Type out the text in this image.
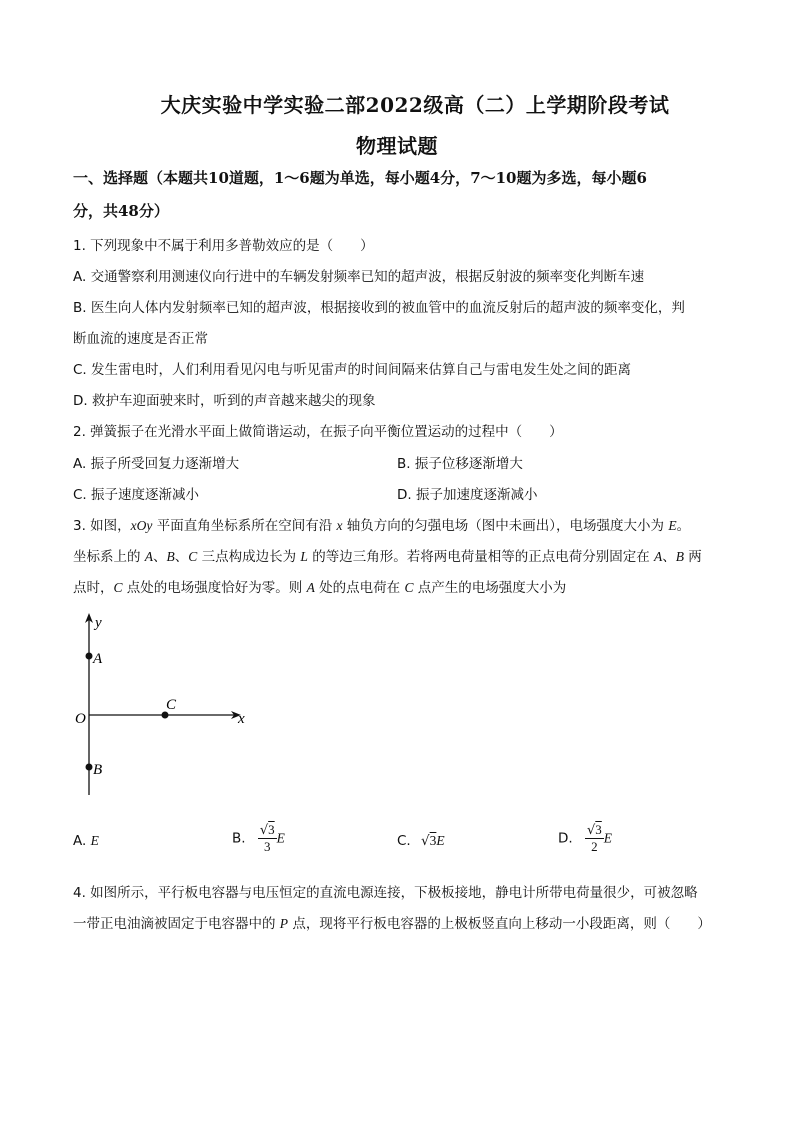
大庆实验中学实验二部2022级高（二）上学期阶段考试
物理试题
一、选择题（本题共10道题，1～6题为单选，每小题4分，7～10题为多选，每小题6
分，共48分）
1. 下列现象中不属于利用多普勒效应的是（　　）
A. 交通警察利用测速仪向行进中的车辆发射频率已知的超声波，根据反射波的频率变化判断车速
B. 医生向人体内发射频率已知的超声波，根据接收到的被血管中的血流反射后的超声波的频率变化，判
断血流的速度是否正常
C. 发生雷电时，人们利用看见闪电与听见雷声的时间间隔来估算自己与雷电发生处之间的距离
D. 救护车迎面驶来时，听到的声音越来越尖的现象
2. 弹簧振子在光滑水平面上做简谐运动，在振子向平衡位置运动的过程中（　　）
A. 振子所受回复力逐渐增大	B. 振子位移逐渐增大
C. 振子速度逐渐减小	D. 振子加速度逐渐减小
3. 如图，xOy 平面直角坐标系所在空间有沿 x 轴负方向的匀强电场（图中未画出），电场强度大小为 E。
坐标系上的 A、B、C 三点构成边长为 L 的等边三角形。若将两电荷量相等的正点电荷分别固定在 A、B 两
点时，C 点处的电场强度恰好为零。则 A 处的点电荷在 C 点产生的电场强度大小为
y
x
O
A
B
C
A. E	B. $\frac{√3}{3}$ E	C. √3E	D. $\frac{√3}{2}$ E
4. 如图所示，平行板电容器与电压恒定的直流电源连接，下极板接地，静电计所带电荷量很少，可被忽略
一带正电油滴被固定于电容器中的 P 点，现将平行板电容器的上极板竖直向上移动一小段距离，则（　　）
